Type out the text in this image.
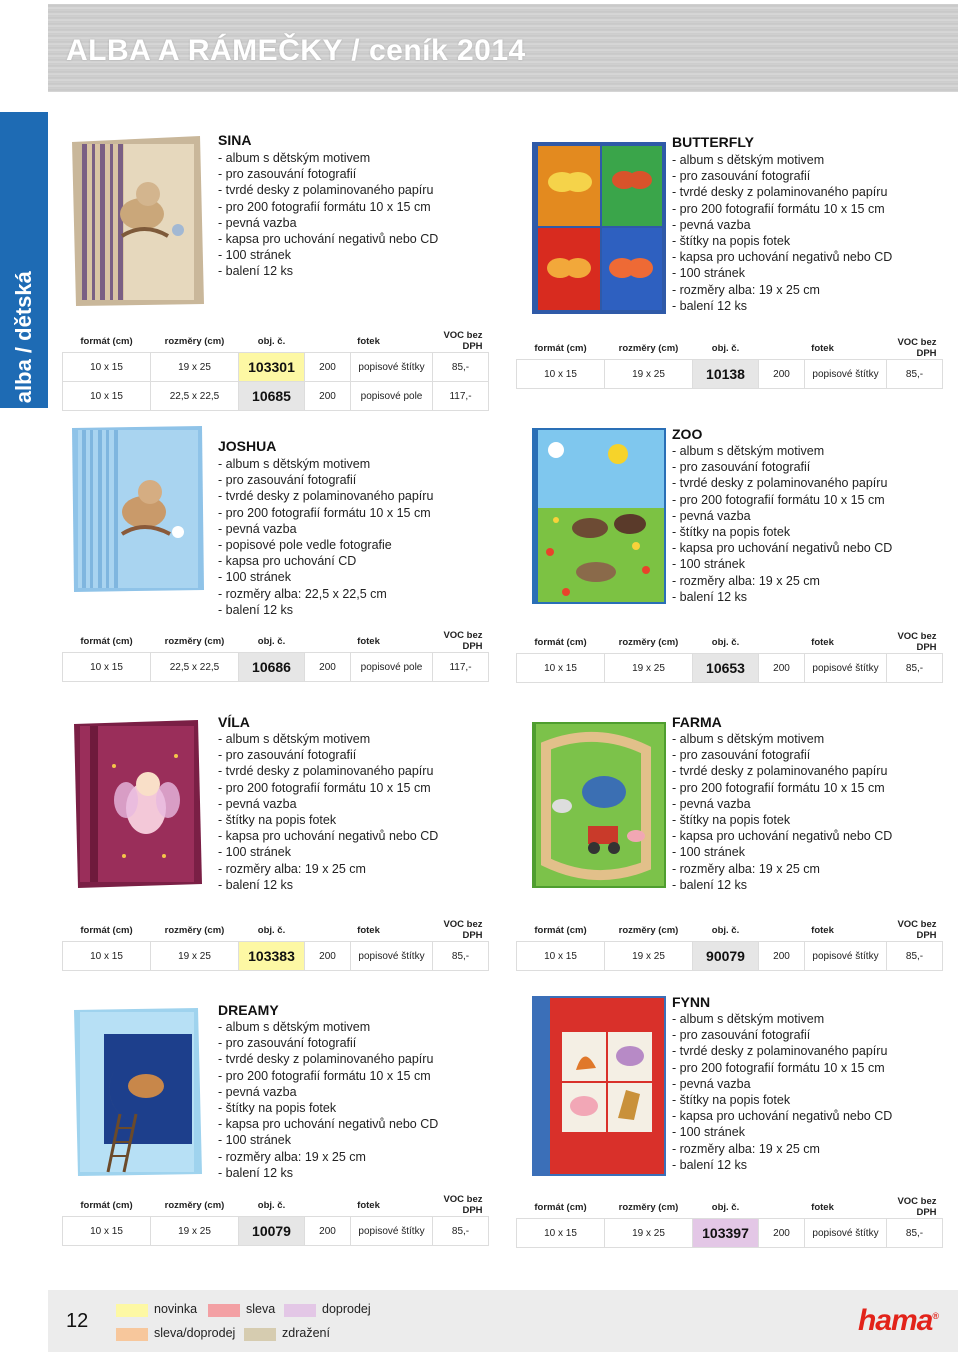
ALBA A RÁMEČKY / ceník 2014
Memo alba / dětská
SINA
- album s dětským motivem
- pro zasouvání fotografií
- tvrdé desky z polaminovaného papíru
- pro 200 fotografií formátu 10 x 15 cm
- pevná vazba
- kapsa pro uchování negativů nebo CD
- 100 stránek
- balení 12 ks
formát (cm)	rozměry (cm)	obj. č.	fotek		VOC bez DPH
10 x 15	19 x 25	103301	200	popisové štítky	85,-
10 x 15	22,5 x 22,5	10685	200	popisové pole	117,-
BUTTERFLY
- album s dětským motivem
- pro zasouvání fotografií
- tvrdé desky z polaminovaného papíru
- pro 200 fotografií formátu 10 x 15 cm
- pevná vazba
- štítky na popis fotek
- kapsa pro uchování negativů nebo CD
- 100 stránek
- rozměry alba: 19 x 25 cm
- balení 12 ks
formát (cm)	rozměry (cm)	obj. č.	fotek		VOC bez DPH
10 x 15	19 x 25	10138	200	popisové štítky	85,-
JOSHUA
- album s dětským motivem
- pro zasouvání fotografií
- tvrdé desky z polaminovaného papíru
- pro 200 fotografií formátu 10 x 15 cm
- pevná vazba
- popisové pole vedle fotografie
- kapsa pro uchování CD
- 100 stránek
- rozměry alba: 22,5 x 22,5 cm
- balení 12 ks
formát (cm)	rozměry (cm)	obj. č.	fotek		VOC bez DPH
10 x 15	22,5 x 22,5	10686	200	popisové pole	117,-
ZOO
- album s dětským motivem
- pro zasouvání fotografií
- tvrdé desky z polaminovaného papíru
- pro 200 fotografií formátu 10 x 15 cm
- pevná vazba
- štítky na popis fotek
- kapsa pro uchování negativů nebo CD
- 100 stránek
- rozměry alba: 19 x 25 cm
- balení 12 ks
formát (cm)	rozměry (cm)	obj. č.	fotek		VOC bez DPH
10 x 15	19 x 25	10653	200	popisové štítky	85,-
VÍLA
- album s dětským motivem
- pro zasouvání fotografií
- tvrdé desky z polaminovaného papíru
- pro 200 fotografií formátu 10 x 15 cm
- pevná vazba
- štítky na popis fotek
- kapsa pro uchování negativů nebo CD
- 100 stránek
- rozměry alba: 19 x 25 cm
- balení 12 ks
formát (cm)	rozměry (cm)	obj. č.	fotek		VOC bez DPH
10 x 15	19 x 25	103383	200	popisové štítky	85,-
FARMA
- album s dětským motivem
- pro zasouvání fotografií
- tvrdé desky z polaminovaného papíru
- pro 200 fotografií formátu 10 x 15 cm
- pevná vazba
- štítky na popis fotek
- kapsa pro uchování negativů nebo CD
- 100 stránek
- rozměry alba: 19 x 25 cm
- balení 12 ks
formát (cm)	rozměry (cm)	obj. č.	fotek		VOC bez DPH
10 x 15	19 x 25	90079	200	popisové štítky	85,-
DREAMY
- album s dětským motivem
- pro zasouvání fotografií
- tvrdé desky z polaminovaného papíru
- pro 200 fotografií formátu 10 x 15 cm
- pevná vazba
- štítky na popis fotek
- kapsa pro uchování negativů nebo CD
- 100 stránek
- rozměry alba: 19 x 25 cm
- balení 12 ks
formát (cm)	rozměry (cm)	obj. č.	fotek		VOC bez DPH
10 x 15	19 x 25	10079	200	popisové štítky	85,-
FYNN
- album s dětským motivem
- pro zasouvání fotografií
- tvrdé desky z polaminovaného papíru
- pro 200 fotografií formátu 10 x 15 cm
- pevná vazba
- štítky na popis fotek
- kapsa pro uchování negativů nebo CD
- 100 stránek
- rozměry alba: 19 x 25 cm
- balení 12 ks
formát (cm)	rozměry (cm)	obj. č.	fotek		VOC bez DPH
10 x 15	19 x 25	103397	200	popisové štítky	85,-
12
novinka	sleva	doprodej
sleva/doprodej	zdražení	hama®
